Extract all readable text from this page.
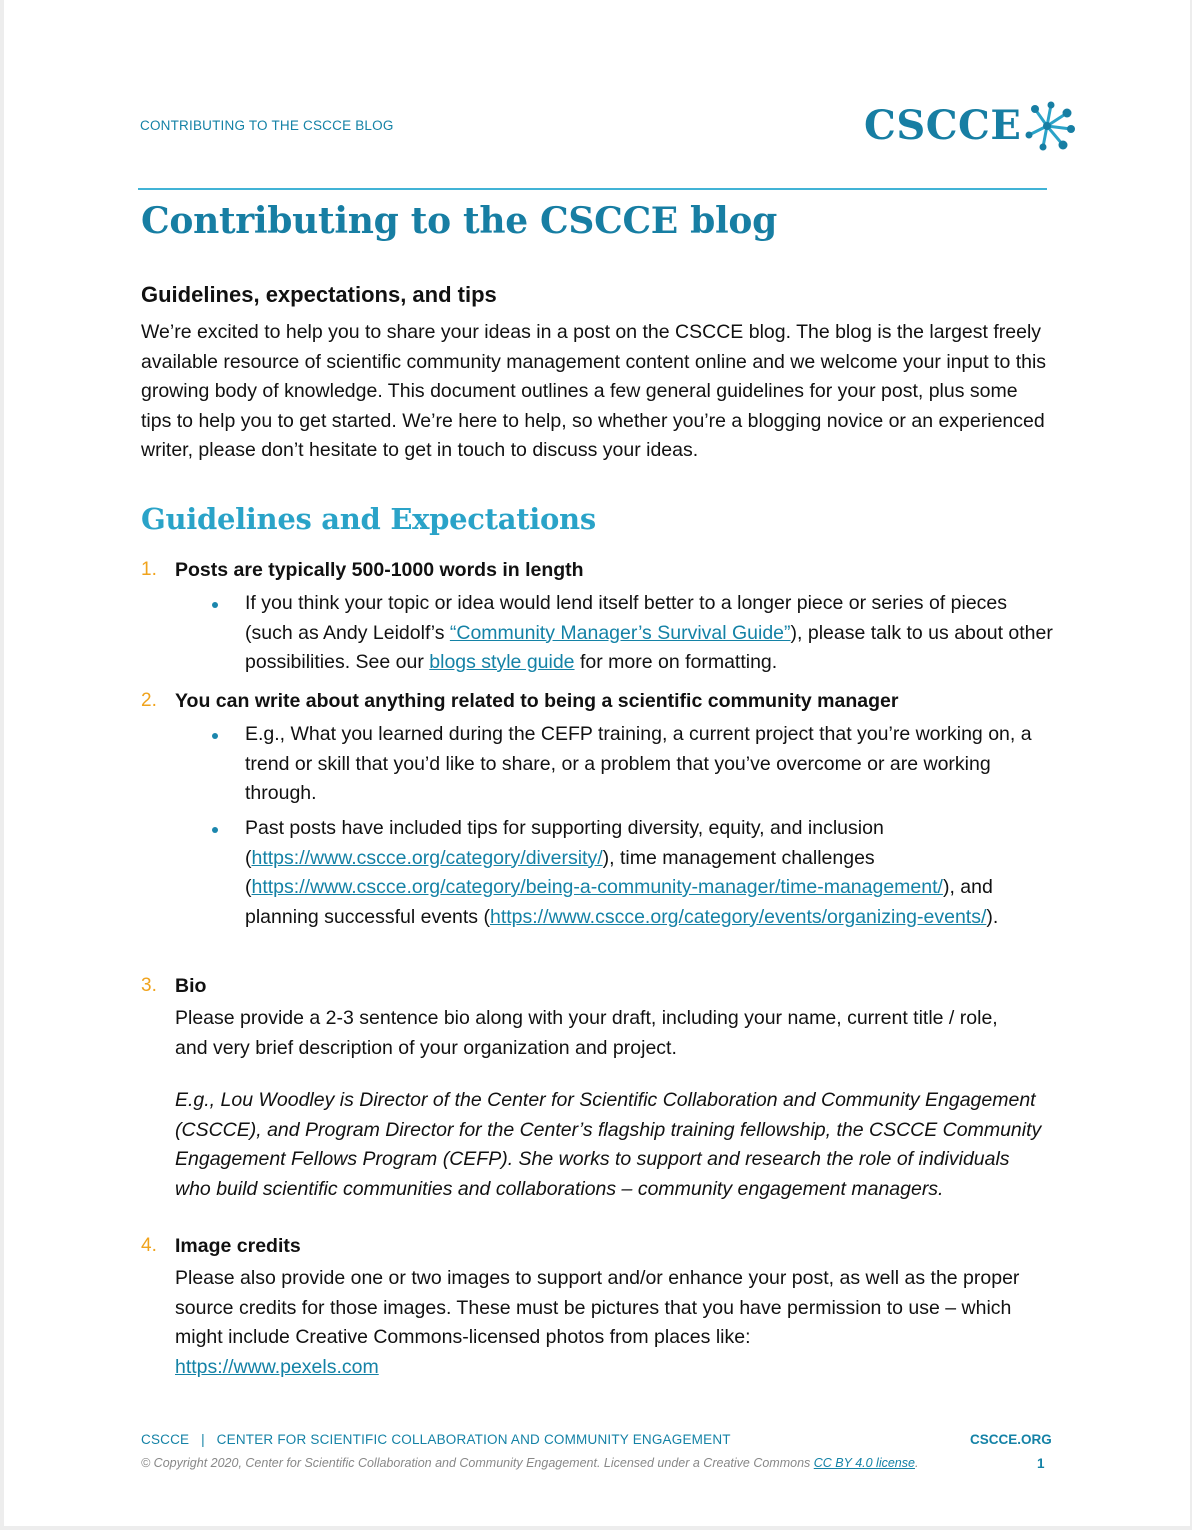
CONTRIBUTING TO THE CSCCE BLOG	CSCCE
Contributing to the CSCCE blog
Guidelines, expectations, and tips

We’re excited to help you to share your ideas in a post on the CSCCE blog. The blog is the largest freely available resource of scientific community management content online and we welcome your input to this growing body of knowledge. This document outlines a few general guidelines for your post, plus some tips to help you to get started. We’re here to help, so whether you’re a blogging novice or an experienced writer, please don’t hesitate to get in touch to discuss your ideas.

Guidelines and Expectations
1. Posts are typically 500-1000 words in length

If you think your topic or idea would lend itself better to a longer piece or series of pieces (such as Andy Leidolf’s “Community Manager’s Survival Guide”), please talk to us about other possibilities. See our blogs style guide for more on formatting.

2. You can write about anything related to being a scientific community manager

E.g., What you learned during the CEFP training, a current project that you’re working on, a trend or skill that you’d like to share, or a problem that you’ve overcome or are working through.

Past posts have included tips for supporting diversity, equity, and inclusion (https://www.cscce.org/category/diversity/), time management challenges (https://www.cscce.org/category/being-a-community-manager/time-management/), and planning successful events (https://www.cscce.org/category/events/organizing-events/).

3. Bio

Please provide a 2-3 sentence bio along with your draft, including your name, current title / role, and very brief description of your organization and project.

E.g., Lou Woodley is Director of the Center for Scientific Collaboration and Community Engagement (CSCCE), and Program Director for the Center’s flagship training fellowship, the CSCCE Community Engagement Fellows Program (CEFP). She works to support and research the role of individuals who build scientific communities and collaborations – community engagement managers.

4. Image credits

Please also provide one or two images to support and/or enhance your post, as well as the proper source credits for those images. These must be pictures that you have permission to use – which might include Creative Commons-licensed photos from places like:

https://www.pexels.com

CSCCE   |   CENTER FOR SCIENTIFIC COLLABORATION AND COMMUNITY ENGAGEMENT	CSCCE.ORG
© Copyright 2020, Center for Scientific Collaboration and Community Engagement. Licensed under a Creative Commons CC BY 4.0 license.	1
